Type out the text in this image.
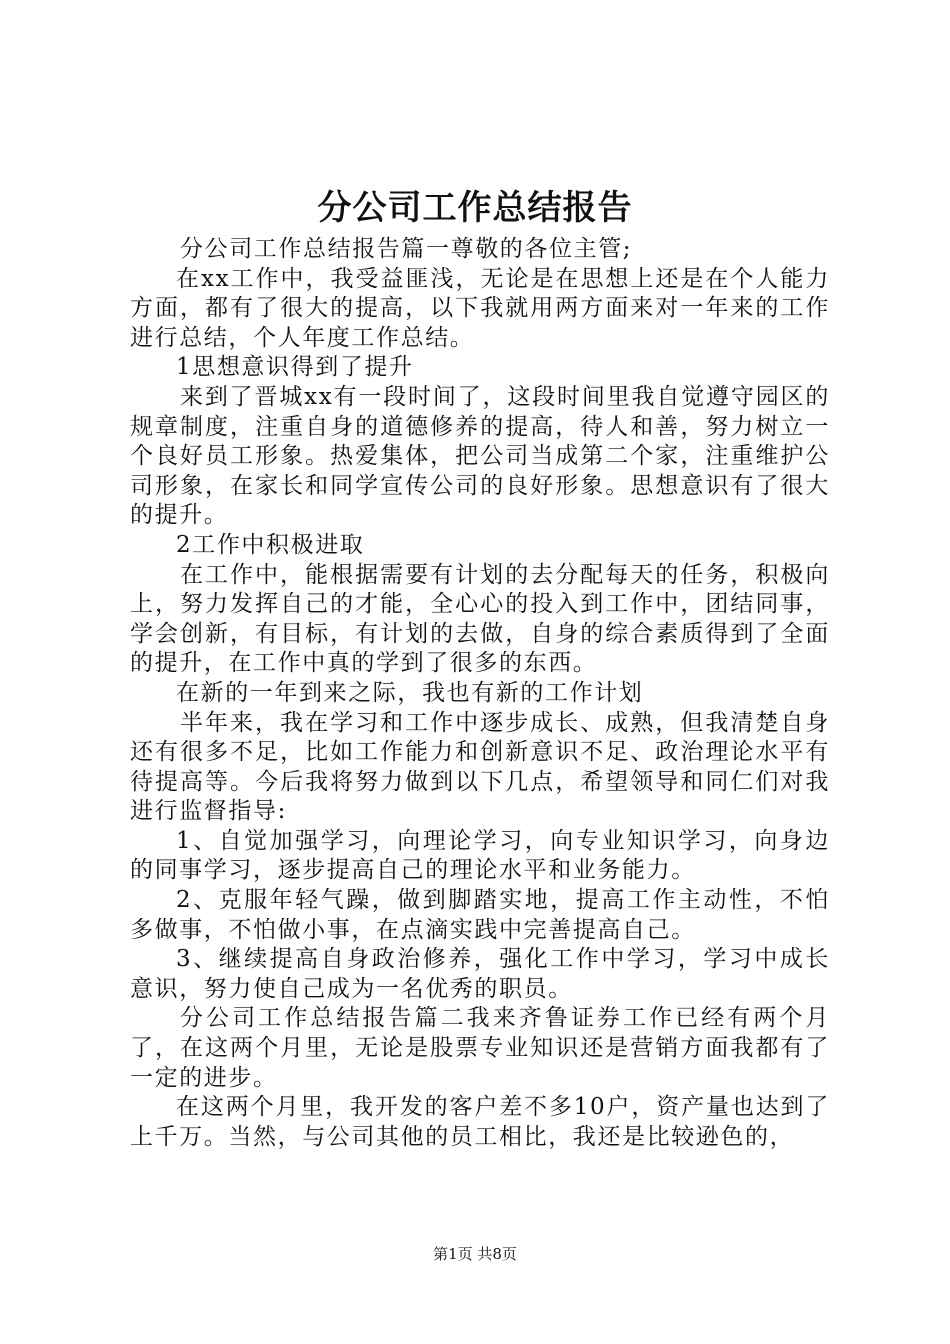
分公司工作总结报告

分公司工作总结报告篇一尊敬的各位主管;

在xx工作中，我受益匪浅，无论是在思想上还是在个人能力方面，都有了很大的提高，以下我就用两方面来对一年来的工作进行总结，个人年度工作总结。

1思想意识得到了提升

来到了晋城xx有一段时间了，这段时间里我自觉遵守园区的规章制度，注重自身的道德修养的提高，待人和善，努力树立一个良好员工形象。热爱集体，把公司当成第二个家，注重维护公司形象，在家长和同学宣传公司的良好形象。思想意识有了很大的提升。

2工作中积极进取

在工作中，能根据需要有计划的去分配每天的任务，积极向上，努力发挥自己的才能，全心心的投入到工作中，团结同事，学会创新，有目标，有计划的去做，自身的综合素质得到了全面的提升，在工作中真的学到了很多的东西。

在新的一年到来之际，我也有新的工作计划

半年来，我在学习和工作中逐步成长、成熟，但我清楚自身还有很多不足，比如工作能力和创新意识不足、政治理论水平有待提高等。今后我将努力做到以下几点，希望领导和同仁们对我进行监督指导:

1、自觉加强学习，向理论学习，向专业知识学习，向身边的同事学习，逐步提高自己的理论水平和业务能力。

2、克服年轻气躁，做到脚踏实地，提高工作主动性，不怕多做事，不怕做小事，在点滴实践中完善提高自己。

3、继续提高自身政治修养，强化工作中学习，学习中成长意识，努力使自己成为一名优秀的职员。

分公司工作总结报告篇二我来齐鲁证券工作已经有两个月了，在这两个月里，无论是股票专业知识还是营销方面我都有了一定的进步。

在这两个月里，我开发的客户差不多10户，资产量也达到了上千万。当然，与公司其他的员工相比，我还是比较逊色的，

第1页 共8页
